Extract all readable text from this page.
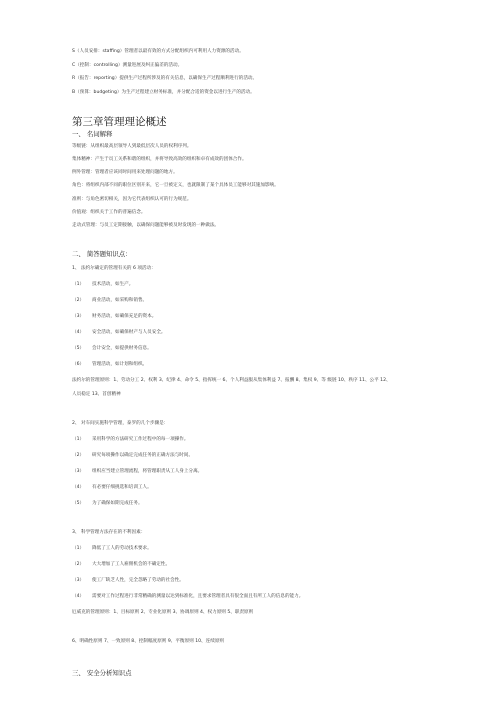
S（人员安排：staffing）管理者以最有效的方式分配组织内可利用人力资源的活动。
C（控制：controlling）测量进展及纠正偏差的活动。
R（报告：reporting）提供生产过程所涉及的有关信息，以确保生产过程顺利进行的活动。
B（预算：budgeting）为生产过程建立财务标准，并分配合适的资金以进行生产的活动。
第三章管理理论概述
一、 名词解释
等级链：从组织最高层领导人到最低层次人员的权利序列。
集体精神：产生于员工关系和谐的组织，并将导致高效的组织和卓有成效的团体合作。
例外管理：管理者应该同时间用来处理问题的地方。
角色：将组织内部不同的职位区别开来，它一旦被定义，也就限制了某个具体员工能够对其施加影响。
准则：与角色密切相关，因为它代表组织认可的行为规范。
价值观：组织关于工作的普遍信念。
走动式管理：与员工定期接触，以确保问题能够被及时发现的一种做法。
二、 简答题知识点：
1、 法约尔确定的管理有关的 6 项活动：
（1） 技术活动，如生产。
（2） 商业活动，如采购和销售。
（3） 财务活动，如确保充足的资本。
（4） 安全活动，如确保财产与人员安全。
（5） 会计安全，如提供财务信息。
（6） 管理活动，如计划和组织。
法约尔的管理原则：1、劳动分工 2、权利 3、纪律 4、命令 5、指挥统一 6、个人利益服从集体利益 7、报酬 8、集权 9、等 级链 10、秩序 11、公平 12、
人员稳定 13、首创精神
2、 对车间实施科学管理，泰罗的几个步骤是：
（1） 采用科学的方法研究工作过程中的每一项操作。
（2） 研究每项操作以确定完成任务的正确方法与时间。
（3） 组织应当建立管理流程，将管理职责从工人身上分离。
（4） 有必要仔细挑选和培训工人。
（5） 为了确保如期完成任务。
3、 科学管理方法存在的不利因素：
（1） 降低了工人的劳动技术要求。
（2） 大大增加了工人雇佣机会的不确定性。
（3） 使工厂缺乏人性，完全忽略了劳动的社会性。
（4） 需要对工作过程进行非常精确的测量以达到标准化，且要求管理者具有很全面且有所工人的信息的能力。
厄威克的管理原则：1、目标原则 2、专业化原则 3、协调原则 4、权力原则 5、职责原则
6、明确性原则 7、一致原则 8、控制幅度原则 9、平衡原则 10、连续原则
三、 安全分析知识点
